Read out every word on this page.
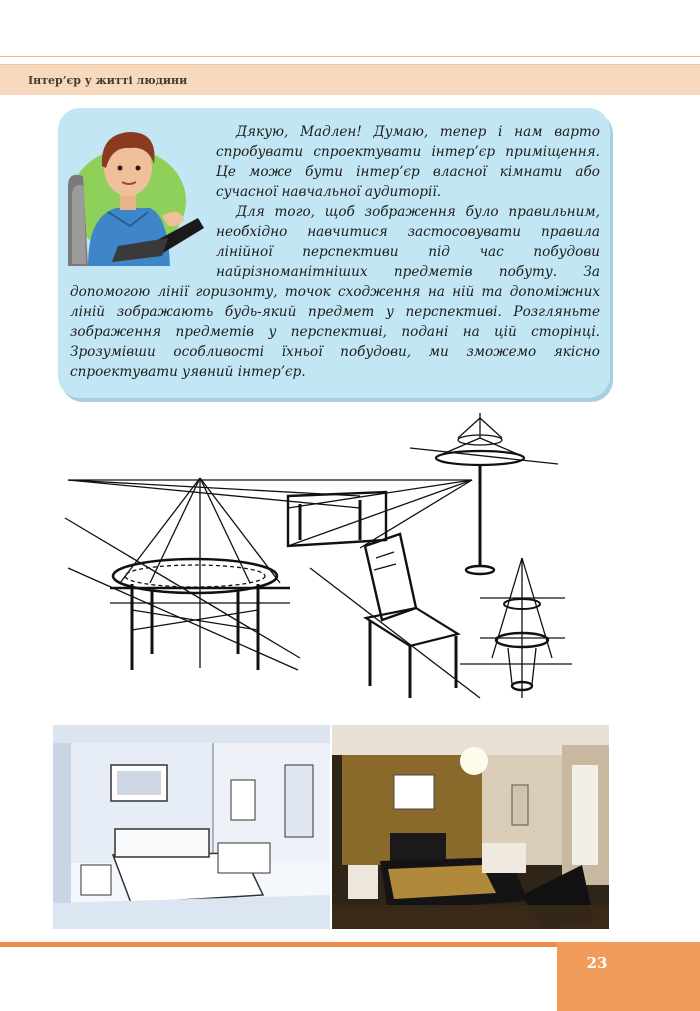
Інтер’єр у житті людини

Дякую, Мадлен! Думаю, тепер і нам варто спробувати спроектувати інтер’єр приміщення. Це може бути інтер’єр власної кімнати або сучасної навчальної аудиторії.

Для того, щоб зображення було правильним, необхідно навчитися застосовувати правила лінійної перспективи під час побудови найрізноманітніших предметів побуту. За допомогою лінії горизонту, точок сходження на ній та допоміжних ліній зображають будь-який предмет у перспективі. Розгляньте зображення предметів у перспективі, подані на цій сторінці. Зрозумівши особливості їхньої побудови, ми зможемо якісно спроектувати уявний інтер’єр.

23
